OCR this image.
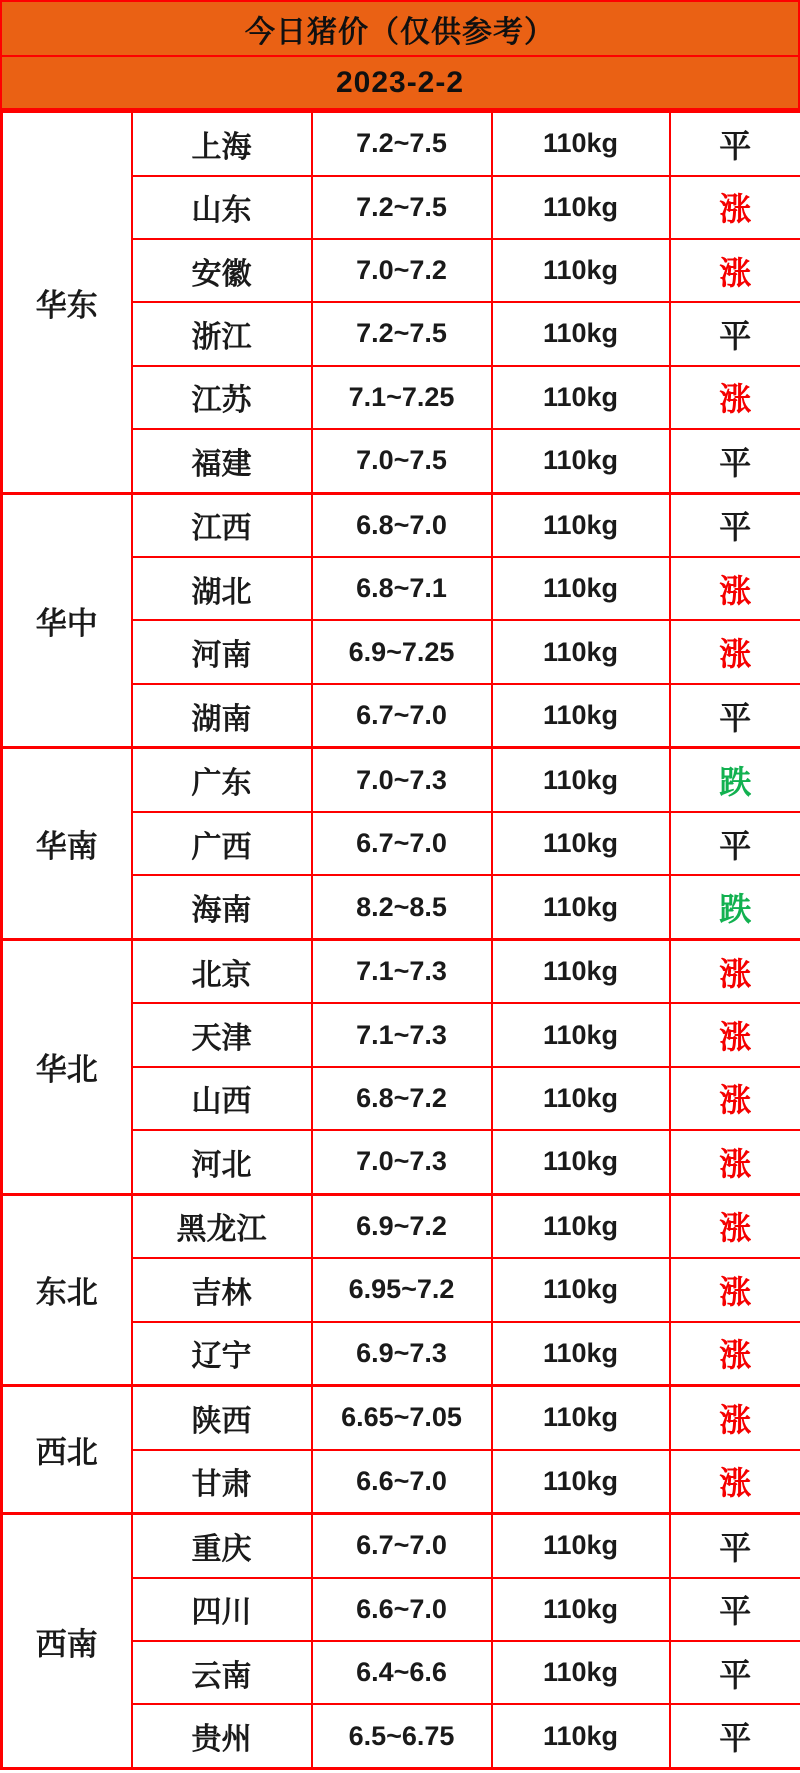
今日猪价（仅供参考）
2023-2-2
华东	上海	7.2~7.5	110kg	平
	山东	7.2~7.5	110kg	涨
	安徽	7.0~7.2	110kg	涨
	浙江	7.2~7.5	110kg	平
	江苏	7.1~7.25	110kg	涨
	福建	7.0~7.5	110kg	平
华中	江西	6.8~7.0	110kg	平
	湖北	6.8~7.1	110kg	涨
	河南	6.9~7.25	110kg	涨
	湖南	6.7~7.0	110kg	平
华南	广东	7.0~7.3	110kg	跌
	广西	6.7~7.0	110kg	平
	海南	8.2~8.5	110kg	跌
华北	北京	7.1~7.3	110kg	涨
	天津	7.1~7.3	110kg	涨
	山西	6.8~7.2	110kg	涨
	河北	7.0~7.3	110kg	涨
东北	黑龙江	6.9~7.2	110kg	涨
	吉林	6.95~7.2	110kg	涨
	辽宁	6.9~7.3	110kg	涨
西北	陕西	6.65~7.05	110kg	涨
	甘肃	6.6~7.0	110kg	涨
西南	重庆	6.7~7.0	110kg	平
	四川	6.6~7.0	110kg	平
	云南	6.4~6.6	110kg	平
	贵州	6.5~6.75	110kg	平
